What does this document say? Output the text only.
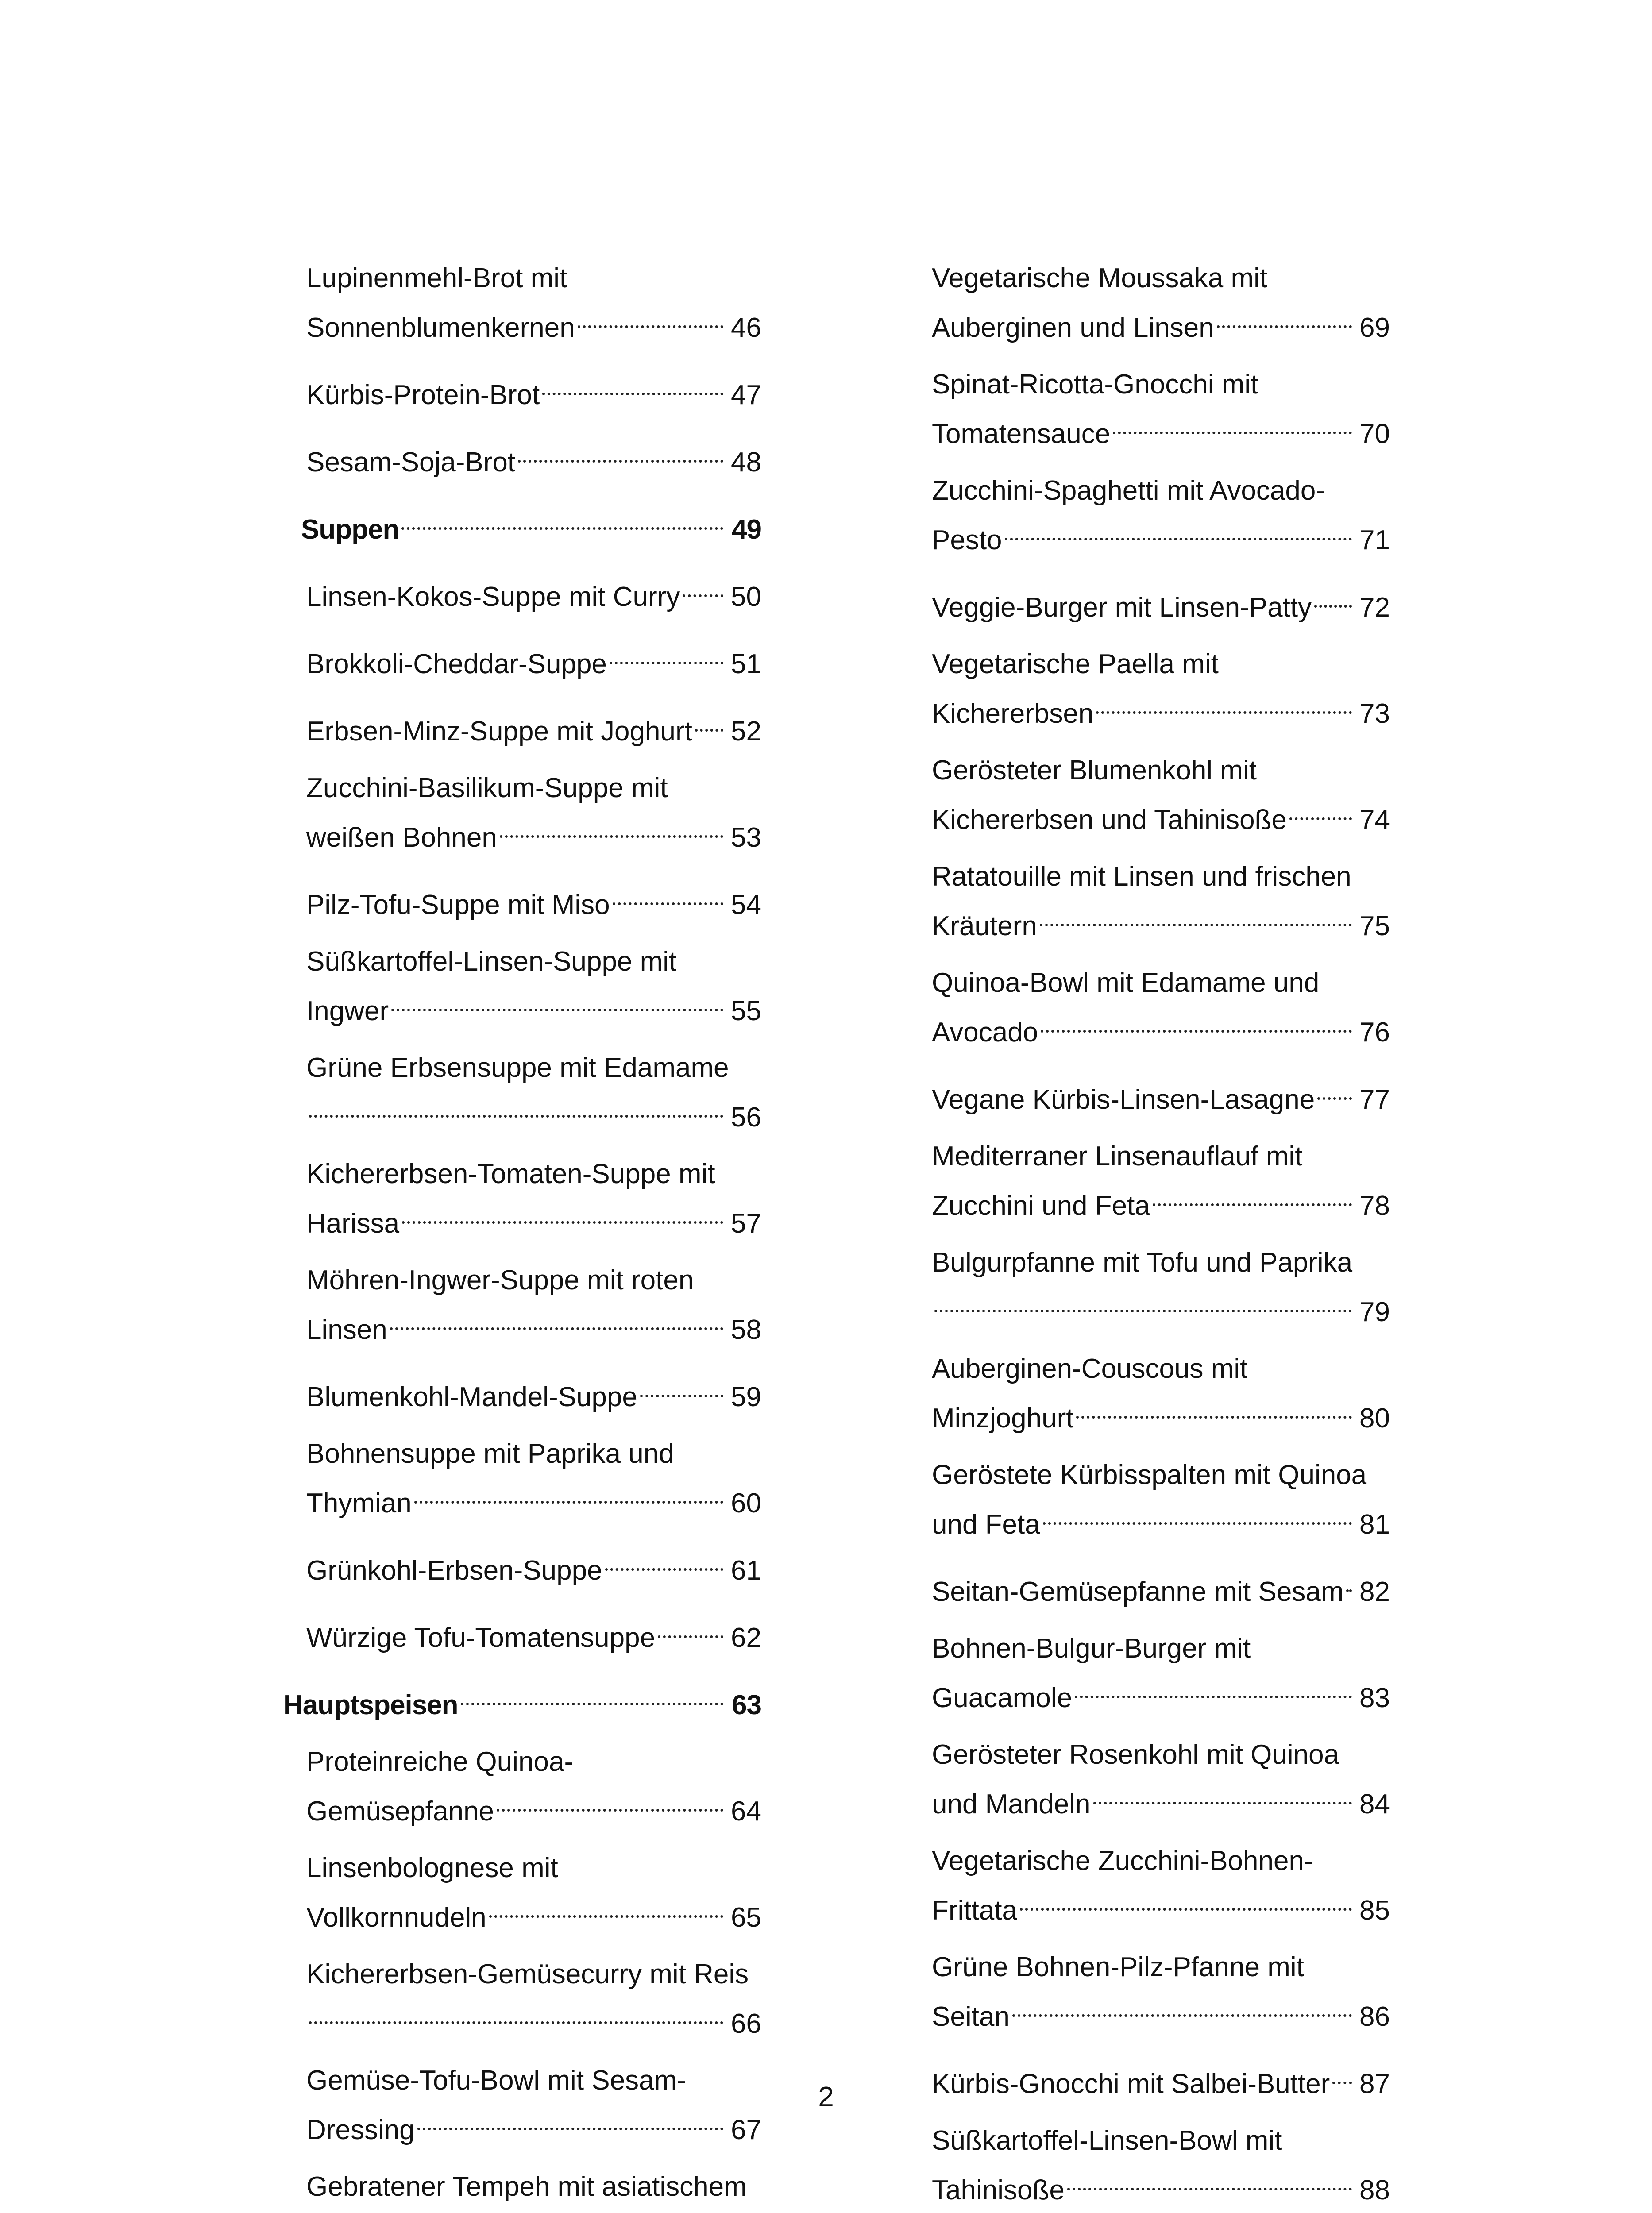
Lupinenmehl-Brot mit
Sonnenblumenkernen	46
Kürbis-Protein-Brot	47
Sesam-Soja-Brot	48
Suppen	49
Linsen-Kokos-Suppe mit Curry 50
Brokkoli-Cheddar-Suppe	51
Erbsen-Minz-Suppe mit Joghurt 52
Zucchini-Basilikum-Suppe mit
weißen Bohnen	53
Pilz-Tofu-Suppe mit Miso	54
Süßkartoffel-Linsen-Suppe mit
Ingwer	55
Grüne Erbsensuppe mit Edamame
56
Kichererbsen-Tomaten-Suppe mit
Harissa	57
Möhren-Ingwer-Suppe mit roten
Linsen	58
Blumenkohl-Mandel-Suppe	59
Bohnensuppe mit Paprika und
Thymian	60
Grünkohl-Erbsen-Suppe	61
Würzige Tofu-Tomatensuppe	62
Hauptspeisen	63
Proteinreiche Quinoa-
Gemüsepfanne	64
Linsenbolognese mit
Vollkornnudeln	65
Kichererbsen-Gemüsecurry mit Reis
66
Gemüse-Tofu-Bowl mit Sesam-
Dressing	67
Gebratener Tempeh mit asiatischem
Vegetarische Moussaka mit
Auberginen und Linsen	69
Spinat-Ricotta-Gnocchi mit
Tomatensauce	70
Zucchini-Spaghetti mit Avocado-
Pesto	71
Veggie-Burger mit Linsen-Patty 72
Vegetarische Paella mit
Kichererbsen	73
Gerösteter Blumenkohl mit
Kichererbsen und Tahinisoße	74
Ratatouille mit Linsen und frischen
Kräutern	75
Quinoa-Bowl mit Edamame und
Avocado	76
Vegane Kürbis-Linsen-Lasagne 77
Mediterraner Linsenauflauf mit
Zucchini und Feta	78
Bulgurpfanne mit Tofu und Paprika
79
Auberginen-Couscous mit
Minzjoghurt	80
Geröstete Kürbisspalten mit Quinoa
und Feta	81
Seitan-Gemüsepfanne mit Sesam 82
Bohnen-Bulgur-Burger mit
Guacamole	83
Gerösteter Rosenkohl mit Quinoa
und Mandeln	84
Vegetarische Zucchini-Bohnen-
Frittata	85
Grüne Bohnen-Pilz-Pfanne mit
Seitan	86
Kürbis-Gnocchi mit Salbei-Butter 87
Süßkartoffel-Linsen-Bowl mit
Tahinisoße	88
2
